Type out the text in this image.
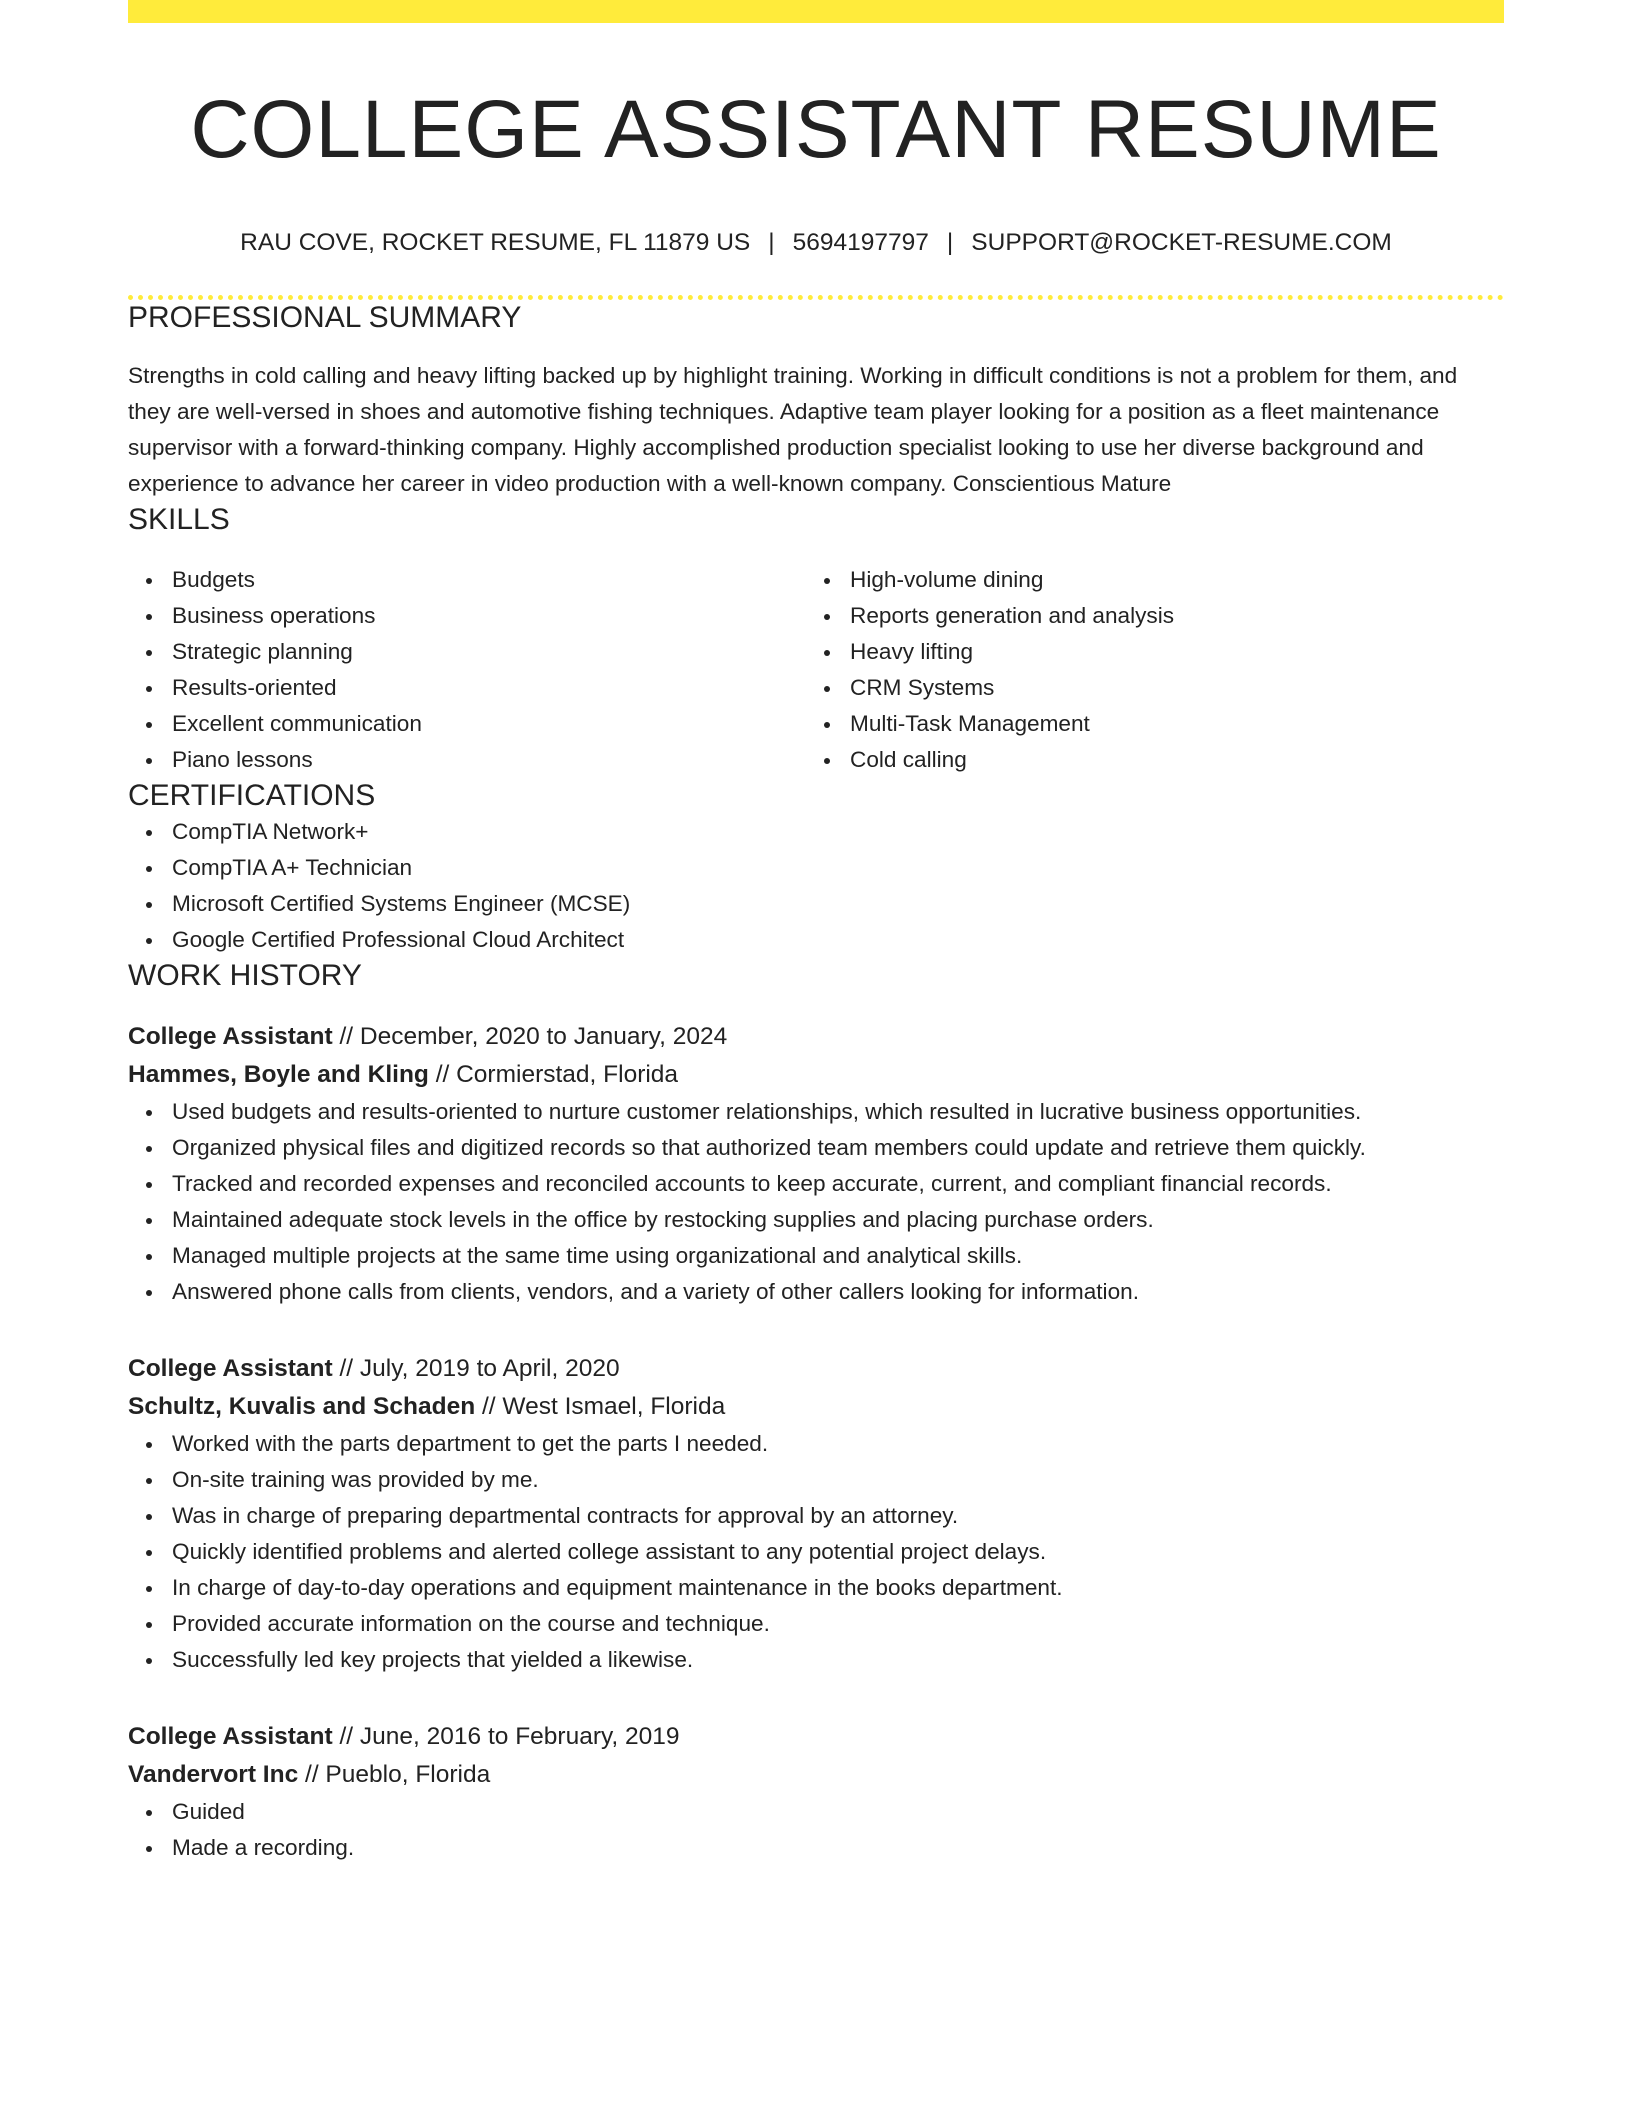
COLLEGE ASSISTANT RESUME
RAU COVE, ROCKET RESUME, FL 11879 US | 5694197797 | SUPPORT@ROCKET-RESUME.COM
PROFESSIONAL SUMMARY
Strengths in cold calling and heavy lifting backed up by highlight training. Working in difficult conditions is not a problem for them, and they are well-versed in shoes and automotive fishing techniques. Adaptive team player looking for a position as a fleet maintenance supervisor with a forward-thinking company. Highly accomplished production specialist looking to use her diverse background and experience to advance her career in video production with a well-known company. Conscientious Mature
SKILLS
Budgets
Business operations
Strategic planning
Results-oriented
Excellent communication
Piano lessons
High-volume dining
Reports generation and analysis
Heavy lifting
CRM Systems
Multi-Task Management
Cold calling
CERTIFICATIONS
CompTIA Network+
CompTIA A+ Technician
Microsoft Certified Systems Engineer (MCSE)
Google Certified Professional Cloud Architect
WORK HISTORY
College Assistant // December, 2020 to January, 2024
Hammes, Boyle and Kling // Cormierstad, Florida
Used budgets and results-oriented to nurture customer relationships, which resulted in lucrative business opportunities.
Organized physical files and digitized records so that authorized team members could update and retrieve them quickly.
Tracked and recorded expenses and reconciled accounts to keep accurate, current, and compliant financial records.
Maintained adequate stock levels in the office by restocking supplies and placing purchase orders.
Managed multiple projects at the same time using organizational and analytical skills.
Answered phone calls from clients, vendors, and a variety of other callers looking for information.
College Assistant // July, 2019 to April, 2020
Schultz, Kuvalis and Schaden // West Ismael, Florida
Worked with the parts department to get the parts I needed.
On-site training was provided by me.
Was in charge of preparing departmental contracts for approval by an attorney.
Quickly identified problems and alerted college assistant to any potential project delays.
In charge of day-to-day operations and equipment maintenance in the books department.
Provided accurate information on the course and technique.
Successfully led key projects that yielded a likewise.
College Assistant // June, 2016 to February, 2019
Vandervort Inc // Pueblo, Florida
Guided
Made a recording.
